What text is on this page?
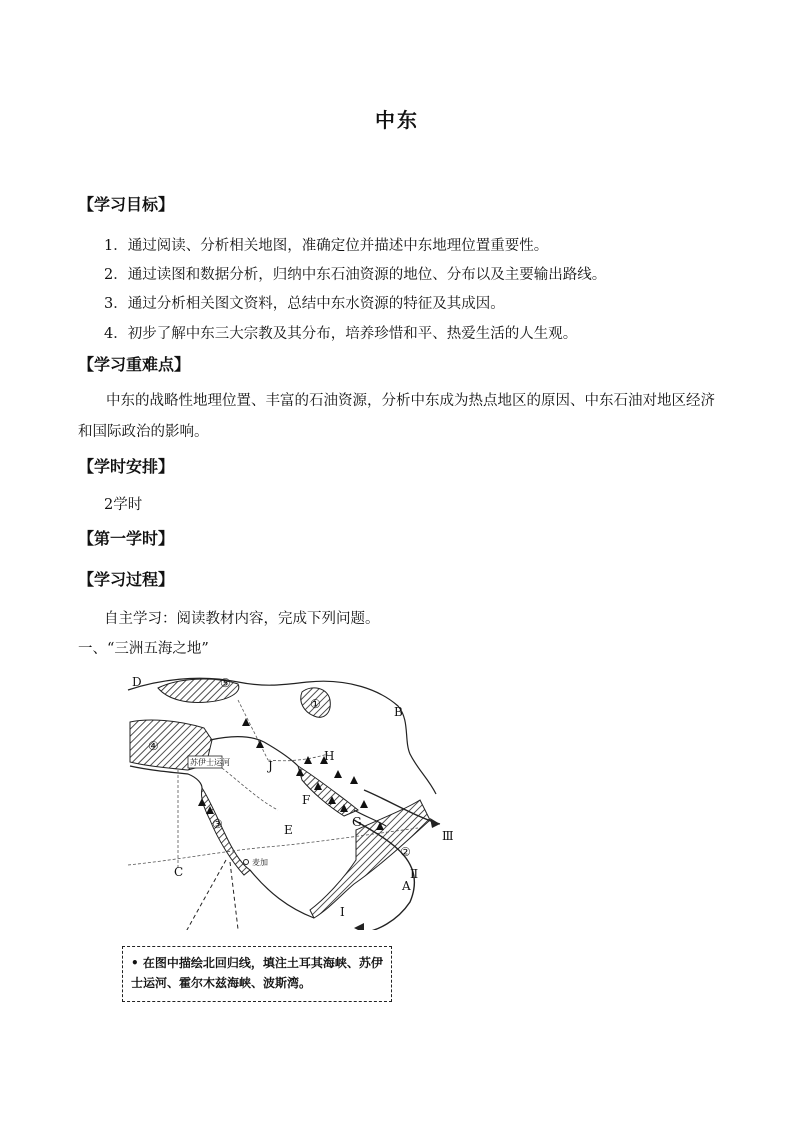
中东
【学习目标】
1．通过阅读、分析相关地图，准确定位并描述中东地理位置重要性。
2．通过读图和数据分析，归纳中东石油资源的地位、分布以及主要输出路线。
3．通过分析相关图文资料，总结中东水资源的特征及其成因。
4．初步了解中东三大宗教及其分布，培养珍惜和平、热爱生活的人生观。
【学习重难点】
中东的战略性地理位置、丰富的石油资源，分析中东成为热点地区的原因、中东石油对地区经济和国际政治的影响。
【学时安排】
2学时
【第一学时】
【学习过程】
自主学习：阅读教材内容，完成下列问题。
一、“三洲五海之地”
苏伊士运河
麦加
D
B
H
J
F
G
E
C
A
Ⅱ
Ⅲ
Ⅰ
⑤
①
④
③
②
• 在图中描绘北回归线，填注土耳其海峡、苏伊士运河、霍尔木兹海峡、波斯湾。
